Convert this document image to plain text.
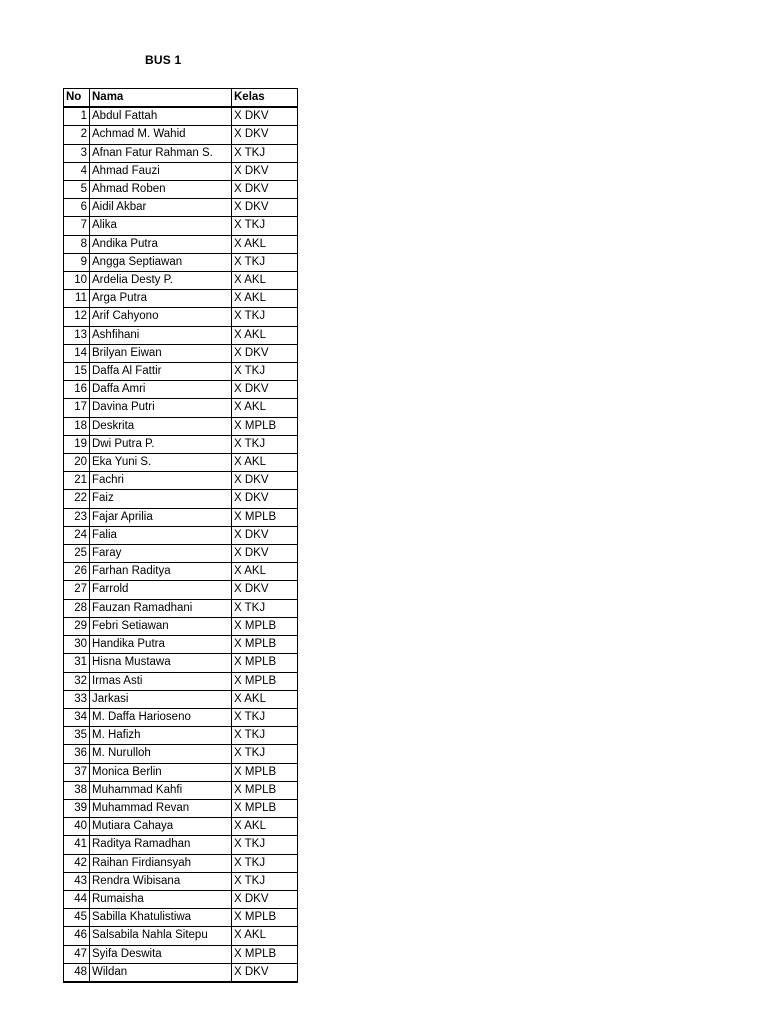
BUS 1
No	Nama	Kelas
1	Abdul Fattah	X DKV
2	Achmad M. Wahid	X DKV
3	Afnan Fatur Rahman S.	X TKJ
4	Ahmad Fauzi	X DKV
5	Ahmad Roben	X DKV
6	Aidil Akbar	X DKV
7	Alika	X TKJ
8	Andika Putra	X AKL
9	Angga Septiawan	X TKJ
10	Ardelia Desty P.	X AKL
11	Arga Putra	X AKL
12	Arif Cahyono	X TKJ
13	Ashfihani	X AKL
14	Brilyan Eiwan	X DKV
15	Daffa Al Fattir	X TKJ
16	Daffa Amri	X DKV
17	Davina Putri	X AKL
18	Deskrita	X MPLB
19	Dwi Putra P.	X TKJ
20	Eka Yuni S.	X AKL
21	Fachri	X DKV
22	Faiz	X DKV
23	Fajar Aprilia	X MPLB
24	Falia	X DKV
25	Faray	X DKV
26	Farhan Raditya	X AKL
27	Farrold	X DKV
28	Fauzan Ramadhani	X TKJ
29	Febri Setiawan	X MPLB
30	Handika Putra	X MPLB
31	Hisna Mustawa	X MPLB
32	Irmas Asti	X MPLB
33	Jarkasi	X AKL
34	M. Daffa Harioseno	X TKJ
35	M. Hafizh	X TKJ
36	M. Nurulloh	X TKJ
37	Monica Berlin	X MPLB
38	Muhammad Kahfi	X MPLB
39	Muhammad Revan	X MPLB
40	Mutiara Cahaya	X AKL
41	Raditya Ramadhan	X TKJ
42	Raihan Firdiansyah	X TKJ
43	Rendra Wibisana	X TKJ
44	Rumaisha	X DKV
45	Sabilla Khatulistiwa	X MPLB
46	Salsabila Nahla Sitepu	X AKL
47	Syifa Deswita	X MPLB
48	Wildan	X DKV
